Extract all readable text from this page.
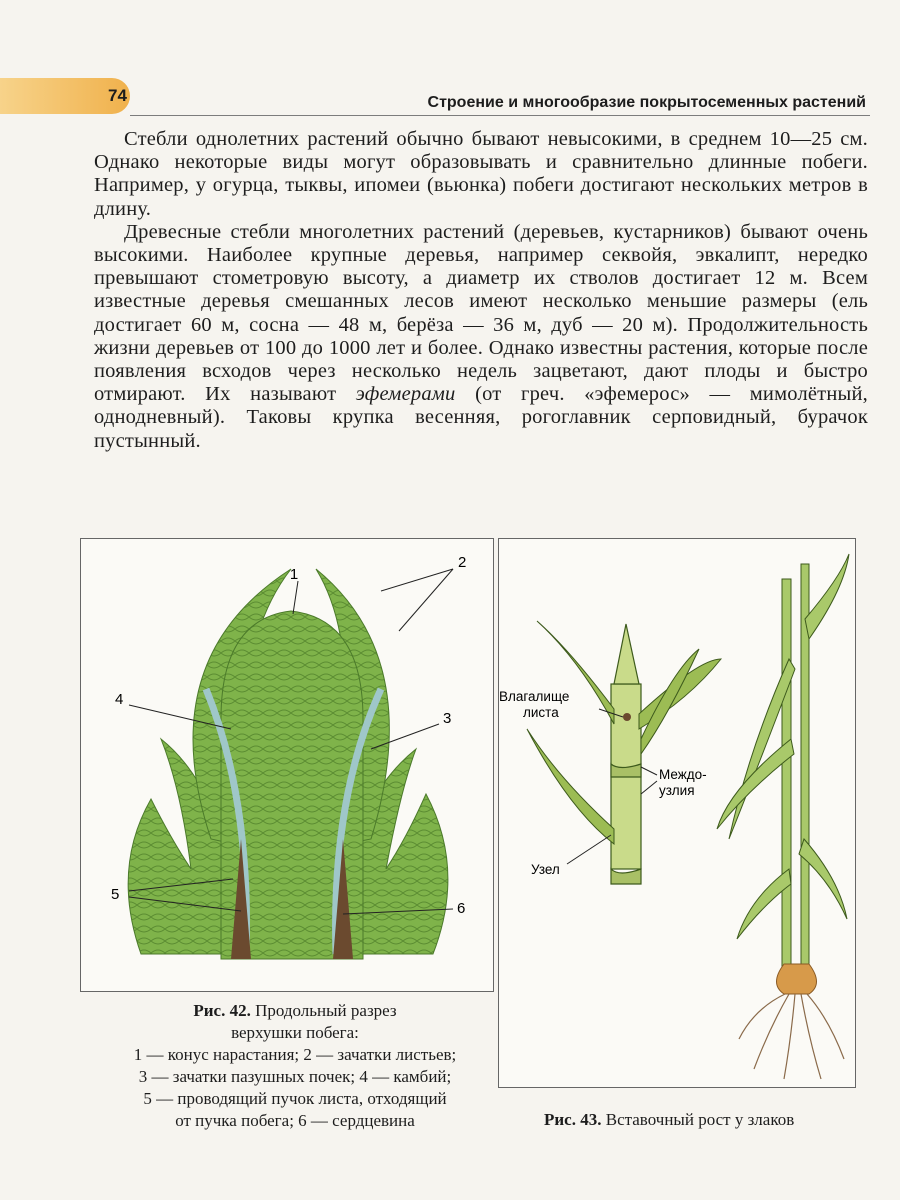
74	Строение и многообразие покрытосеменных растений

Стебли однолетних растений обычно бывают невысокими, в среднем 10—25 см. Однако некоторые виды могут образовывать и сравнительно длинные побеги. Например, у огурца, тыквы, ипомеи (вьюнка) побеги достигают нескольких метров в длину.

Древесные стебли многолетних растений (деревьев, кустарников) бывают очень высокими. Наиболее крупные деревья, например секвойя, эвкалипт, нередко превышают стометровую высоту, а диаметр их стволов достигает 12 м. Всем известные деревья смешанных лесов имеют несколько меньшие размеры (ель достигает 60 м, сосна — 48 м, берёза — 36 м, дуб — 20 м). Продолжительность жизни деревьев от 100 до 1000 лет и более. Однако известны растения, которые после появления всходов через несколько недель зацветают, дают плоды и быстро отмирают. Их называют эфемерами (от греч. «эфемерос» — мимолётный, однодневный). Таковы крупка весенняя, рогоглавник серповидный, бурачок пустынный.

1
2
3
4
5
6
Рис. 42. Продольный разрез
верхушки побега:
1 — конус нарастания; 2 — зачатки листьев;
3 — зачатки пазушных почек; 4 — камбий;
5 — проводящий пучок листа, отходящий
от пучка побега; 6 — сердцевина
Влагалище
листа
Междо-
узлия
Узел
Рис. 43. Вставочный рост у злаков
